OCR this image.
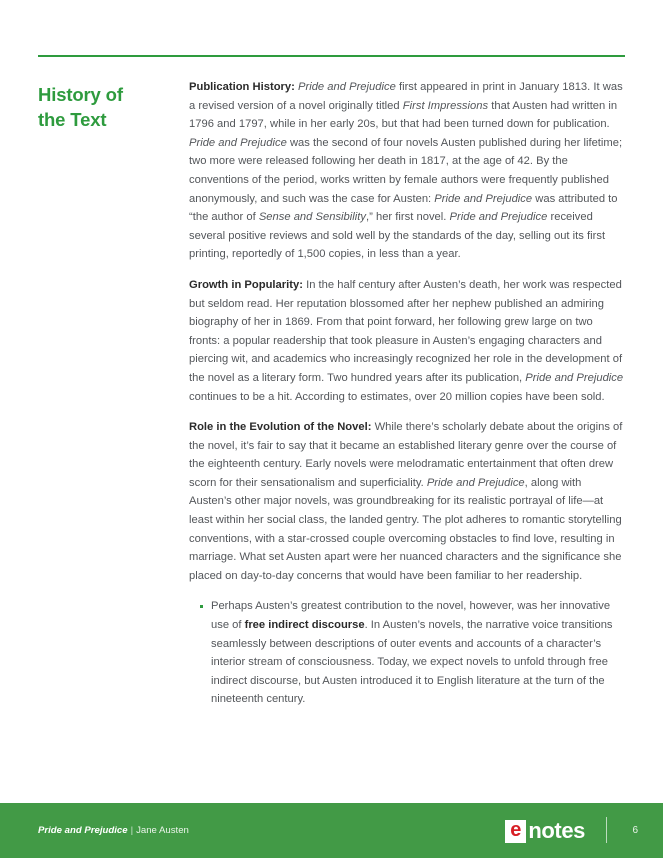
History of
the Text

Publication History: Pride and Prejudice first appeared in print in January 1813. It was a revised version of a novel originally titled First Impressions that Austen had written in 1796 and 1797, while in her early 20s, but that had been turned down for publication. Pride and Prejudice was the second of four novels Austen published during her lifetime; two more were released following her death in 1817, at the age of 42. By the conventions of the period, works written by female authors were frequently published anonymously, and such was the case for Austen: Pride and Prejudice was attributed to “the author of Sense and Sensibility,” her first novel. Pride and Prejudice received several positive reviews and sold well by the standards of the day, selling out its first printing, reportedly of 1,500 copies, in less than a year.

Growth in Popularity: In the half century after Austen’s death, her work was respected but seldom read. Her reputation blossomed after her nephew published an admiring biography of her in 1869. From that point forward, her following grew large on two fronts: a popular readership that took pleasure in Austen’s engaging characters and piercing wit, and academics who increasingly recognized her role in the development of the novel as a literary form. Two hundred years after its publication, Pride and Prejudice continues to be a hit. According to estimates, over 20 million copies have been sold.

Role in the Evolution of the Novel: While there’s scholarly debate about the origins of the novel, it’s fair to say that it became an established literary genre over the course of the eighteenth century. Early novels were melodramatic entertainment that often drew scorn for their sensationalism and superficiality. Pride and Prejudice, along with Austen’s other major novels, was groundbreaking for its realistic portrayal of life—at least within her social class, the landed gentry. The plot adheres to romantic storytelling conventions, with a star-crossed couple overcoming obstacles to find love, resulting in marriage. What set Austen apart were her nuanced characters and the significance she placed on day-to-day concerns that would have been familiar to her readership.

Perhaps Austen’s greatest contribution to the novel, however, was her innovative use of free indirect discourse. In Austen’s novels, the narrative voice transitions seamlessly between descriptions of outer events and accounts of a character’s interior stream of consciousness. Today, we expect novels to unfold through free indirect discourse, but Austen introduced it to English literature at the turn of the nineteenth century.
Pride and Prejudice | Jane Austen	e notes	6
